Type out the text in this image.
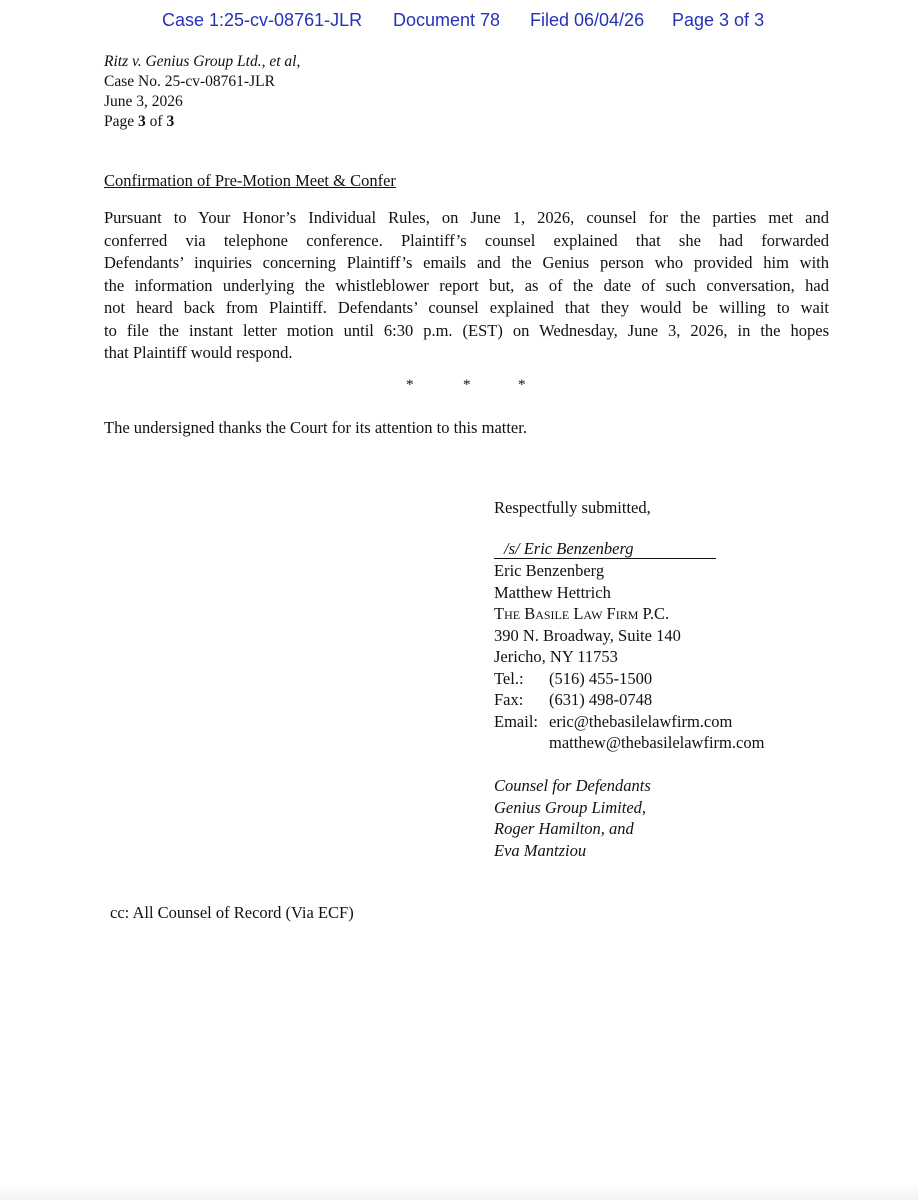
Case 1:25-cv-08761-JLR Document 78 Filed 06/04/26 Page 3 of 3
Ritz v. Genius Group Ltd., et al,
Case No. 25-cv-08761-JLR
June 3, 2026
Page 3 of 3
Confirmation of Pre-Motion Meet & Confer
Pursuant to Your Honor’s Individual Rules, on June 1, 2026, counsel for the parties met and
conferred via telephone conference. Plaintiff’s counsel explained that she had forwarded
Defendants’ inquiries concerning Plaintiff’s emails and the Genius person who provided him with
the information underlying the whistleblower report but, as of the date of such conversation, had
not heard back from Plaintiff. Defendants’ counsel explained that they would be willing to wait
to file the instant letter motion until 6:30 p.m. (EST) on Wednesday, June 3, 2026, in the hopes
that Plaintiff would respond.
*	*	*
The undersigned thanks the Court for its attention to this matter.
Respectfully submitted,
/s/ Eric Benzenberg
Eric Benzenberg
Matthew Hettrich
The Basile Law Firm P.C.
390 N. Broadway, Suite 140
Jericho, NY 11753
Tel.: (516) 455-1500
Fax: (631) 498-0748
Email: eric@thebasilelawfirm.com
matthew@thebasilelawfirm.com
Counsel for Defendants
Genius Group Limited,
Roger Hamilton, and
Eva Mantziou
cc: All Counsel of Record (Via ECF)
